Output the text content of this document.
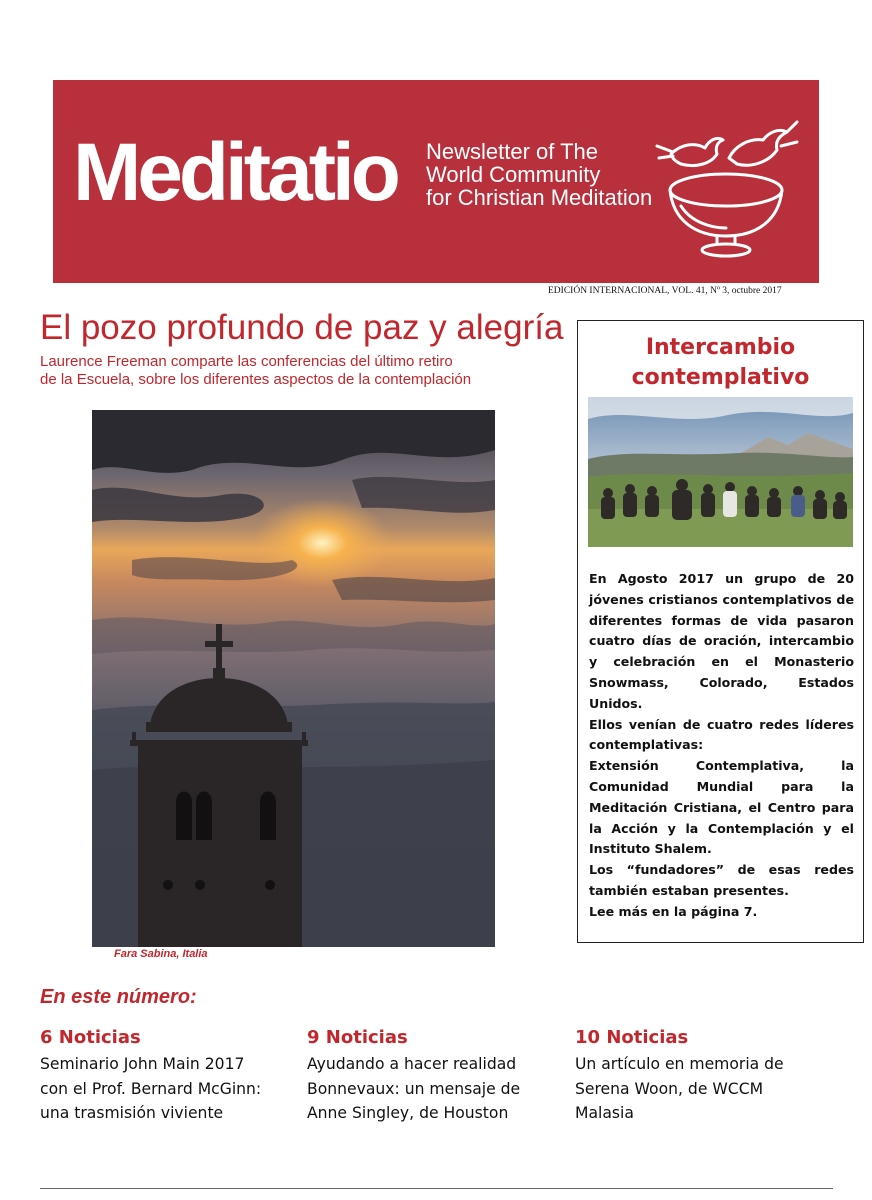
Meditatio Newsletter of The
World Community
for Christian Meditation
EDICIÓN INTERNACIONAL, VOL. 41, Nº 3, octubre 2017
El pozo profundo de paz y alegría
Laurence Freeman comparte las conferencias del último retiro
de la Escuela, sobre los diferentes aspectos de la contemplación
Fara Sabina, Italia
Intercambio
contemplativo

En Agosto 2017 un grupo de 20 jóvenes cristianos contemplativos de diferentes formas de vida pasaron cuatro días de oración, intercambio y celebración en el Monasterio Snowmass, Colorado, Estados Unidos.

Ellos venían de cuatro redes líderes contemplativas:

Extensión Contemplativa, la Comunidad Mundial para la Meditación Cristiana, el Centro para la Acción y la Contemplación y el Instituto Shalem.

Los “fundadores” de esas redes también estaban presentes.

Lee más en la página 7.

En este número:
6 Noticias
Seminario John Main 2017
con el Prof. Bernard McGinn:
una trasmisión viviente
9 Noticias
Ayudando a hacer realidad
Bonnevaux: un mensaje de
Anne Singley, de Houston
10 Noticias
Un artículo en memoria de
Serena Woon, de WCCM
Malasia
